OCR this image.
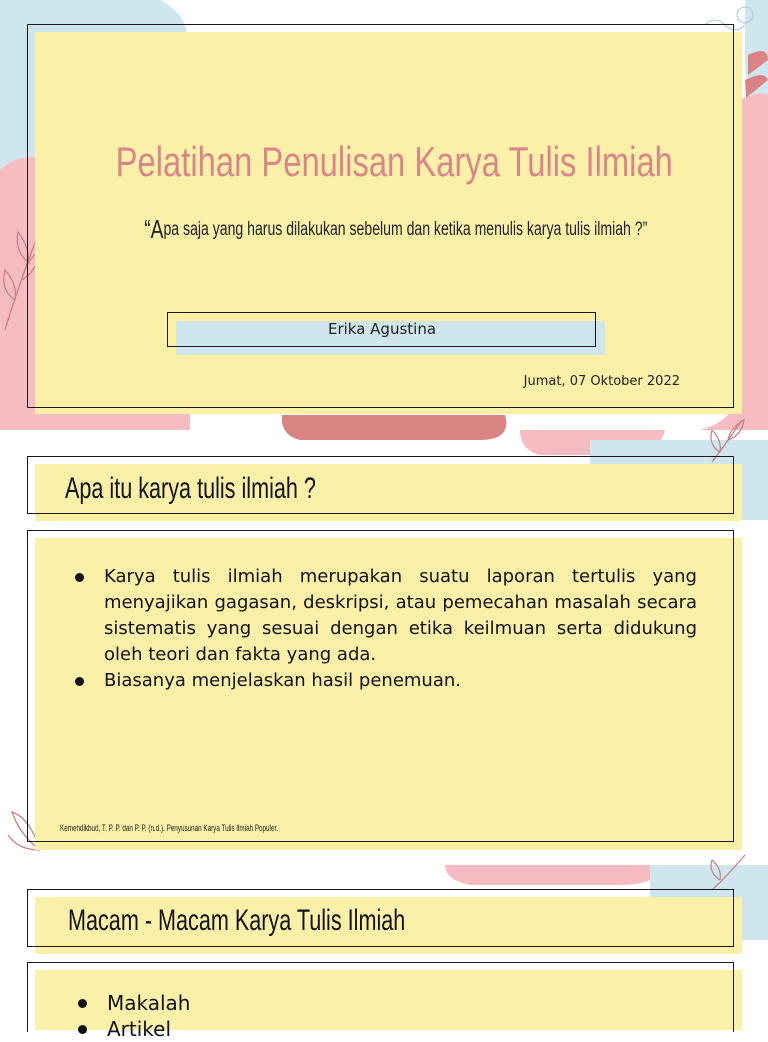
Pelatihan Penulisan Karya Tulis Ilmiah
“Apa saja yang harus dilakukan sebelum dan ketika menulis karya tulis ilmiah ?”
Erika Agustina
Jumat, 07 Oktober 2022
Apa itu karya tulis ilmiah ?
Karya tulis ilmiah merupakan suatu laporan tertulis yang menyajikan gagasan, deskripsi, atau pemecahan masalah secara sistematis yang sesuai dengan etika keilmuan serta didukung oleh teori dan fakta yang ada.
Biasanya menjelaskan hasil penemuan.
Kemendikbud, T. P. P. dan P. P. (n.d.). Penyusunan Karya Tulis Ilmiah Populer.
Macam - Macam Karya Tulis Ilmiah
Makalah
Artikel
